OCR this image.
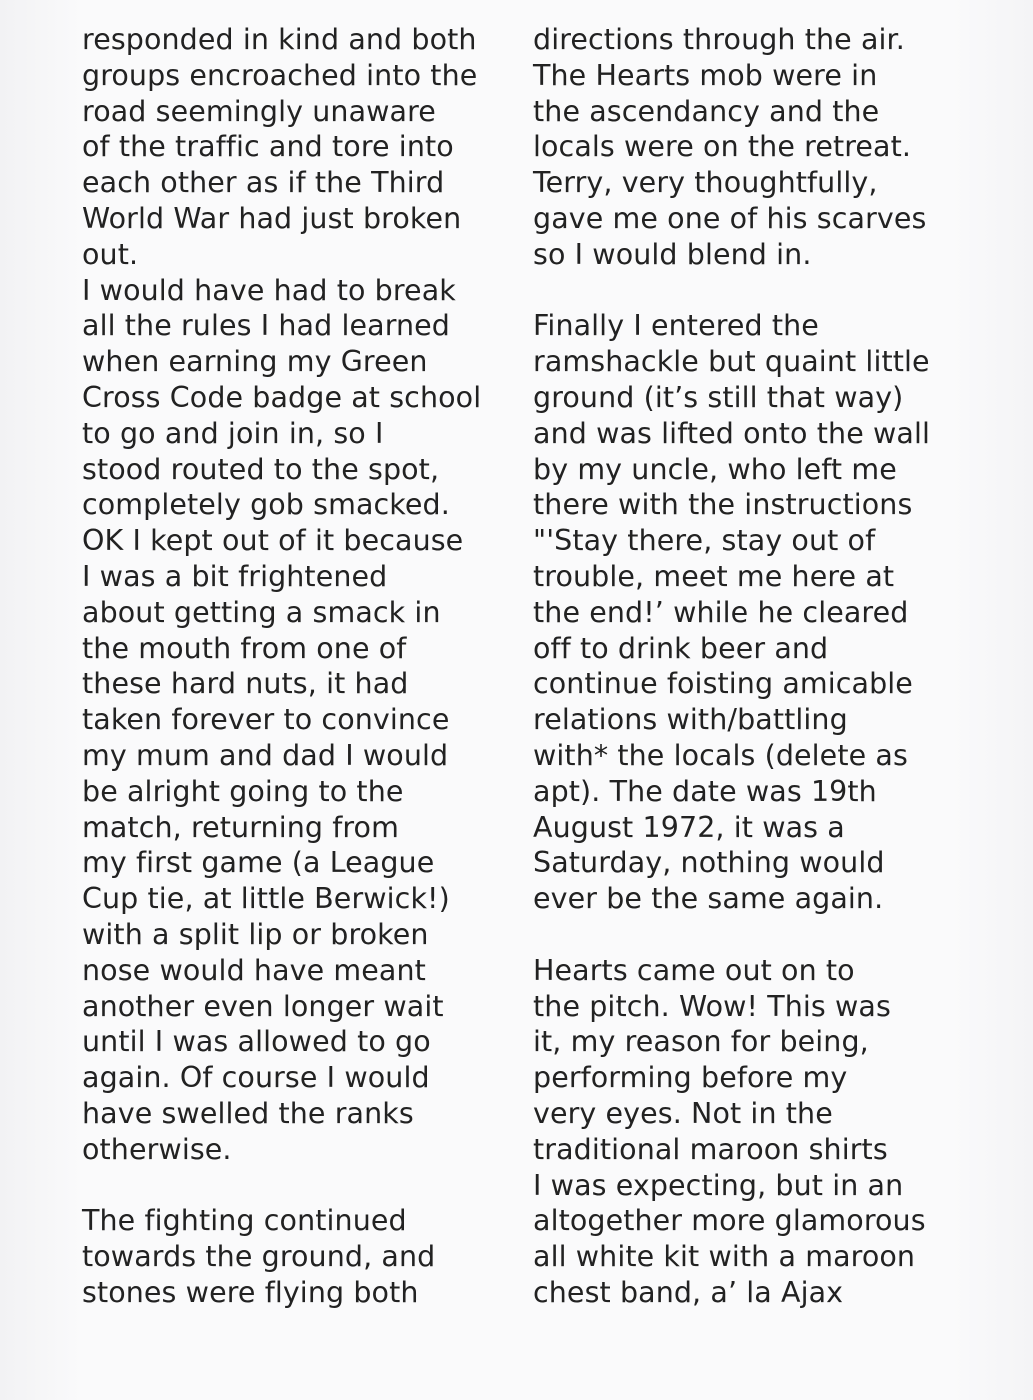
responded in kind and both
groups encroached into the
road seemingly unaware
of the traffic and tore into
each other as if the Third
World War had just broken
out.
I would have had to break
all the rules I had learned
when earning my Green
Cross Code badge at school
to go and join in, so I
stood routed to the spot,
completely gob smacked.
OK I kept out of it because
I was a bit frightened
about getting a smack in
the mouth from one of
these hard nuts, it had
taken forever to convince
my mum and dad I would
be alright going to the
match, returning from
my first game (a League
Cup tie, at little Berwick!)
with a split lip or broken
nose would have meant
another even longer wait
until I was allowed to go
again. Of course I would
have swelled the ranks
otherwise.
The fighting continued
towards the ground, and
stones were flying both
directions through the air.
The Hearts mob were in
the ascendancy and the
locals were on the retreat.
Terry, very thoughtfully,
gave me one of his scarves
so I would blend in.
Finally I entered the
ramshackle but quaint little
ground (it’s still that way)
and was lifted onto the wall
by my uncle, who left me
there with the instructions
"'Stay there, stay out of
trouble, meet me here at
the end!’ while he cleared
off to drink beer and
continue foisting amicable
relations with/battling
with* the locals (delete as
apt). The date was 19th
August 1972, it was a
Saturday, nothing would
ever be the same again.
Hearts came out on to
the pitch. Wow! This was
it, my reason for being,
performing before my
very eyes. Not in the
traditional maroon shirts
I was expecting, but in an
altogether more glamorous
all white kit with a maroon
chest band, a’ la Ajax
